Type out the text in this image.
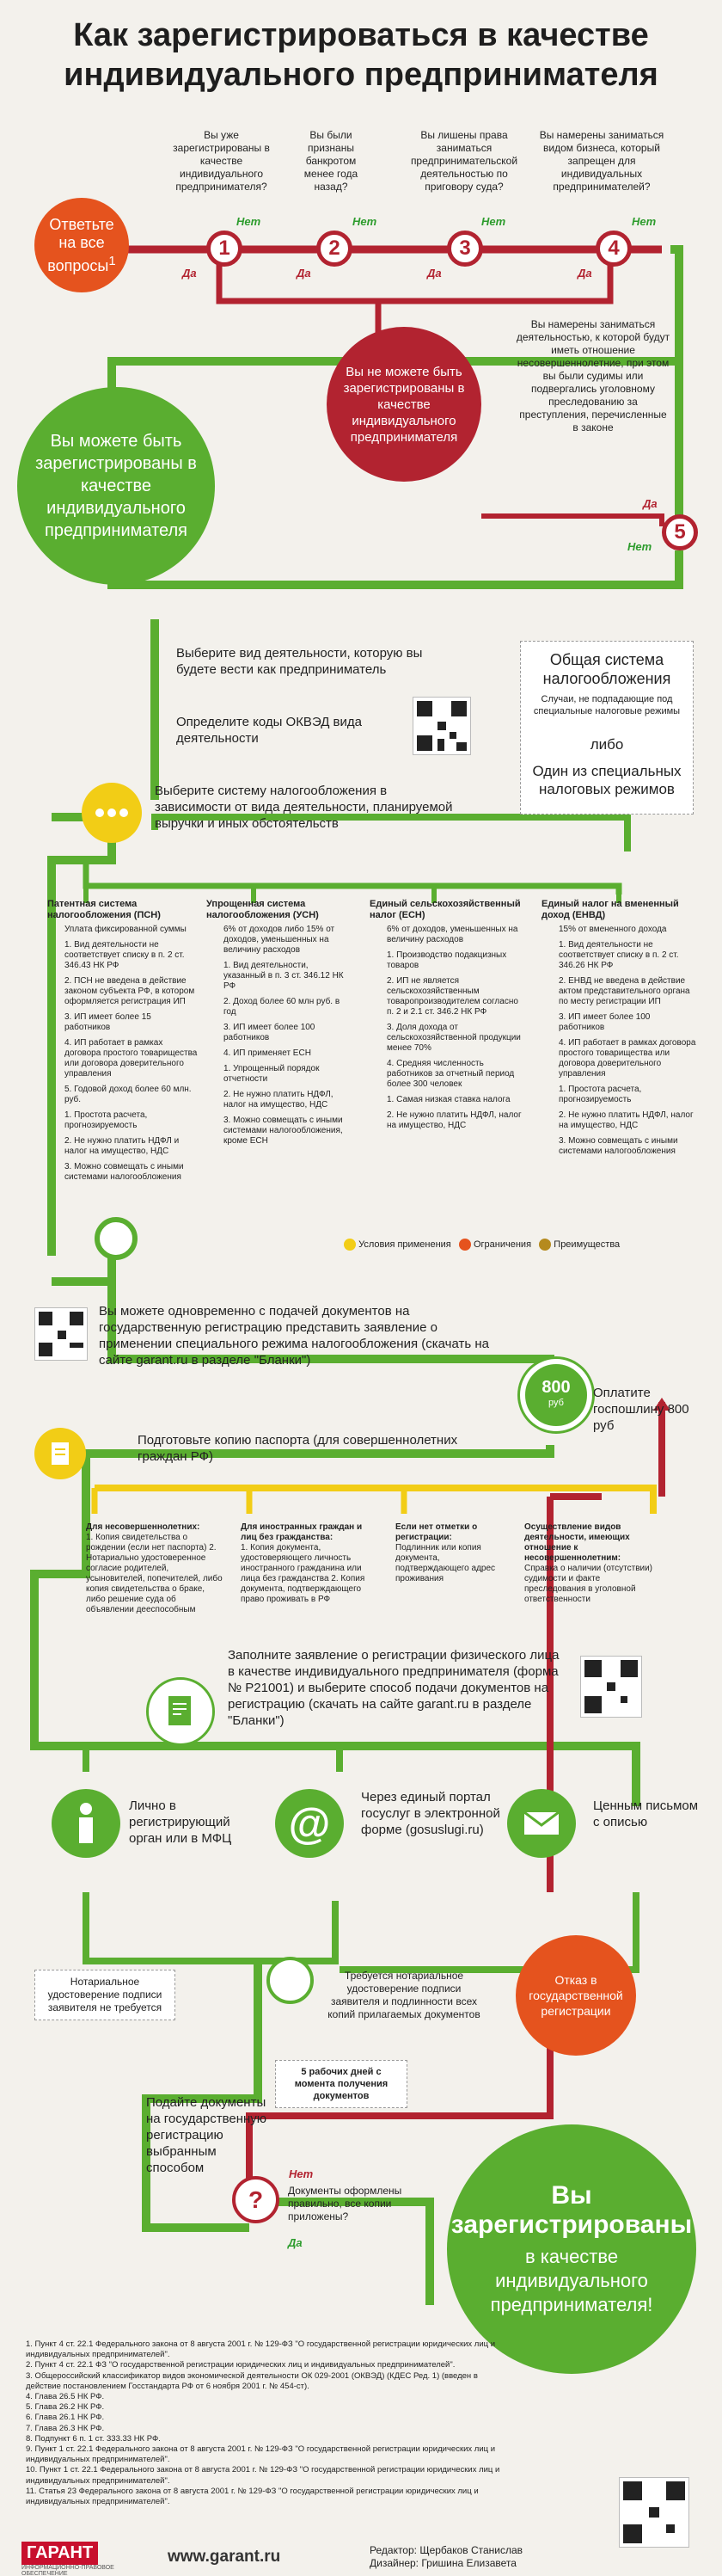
Как зарегистрироваться в качестве индивидуального предпринимателя
Ответьте на все вопросы$^1$
Вы уже зарегистрированы в качестве индивидуального предпринимателя?
Вы были признаны банкротом менее года назад?
Вы лишены права заниматься предпринимательской деятельностью по приговору суда?
Вы намерены заниматься видом бизнеса, который запрещен для индивидуальных предпринимателей?
1	2	3	4
Нет	Нет	Нет	Нет
Да	Да	Да	Да
Вы не можете быть зарегистрированы в качестве индивидуального предпринимателя
Вы намерены заниматься деятельностью, к которой будут иметь отношение несовершеннолетние, при этом вы были судимы или подвергались уголовному преследованию за преступления, перечисленные в законе
5
Да
Нет
Вы можете быть зарегистрированы в качестве индивидуального предпринимателя
Выберите вид деятельности, которую вы будете вести как предприниматель
Определите коды ОКВЭД вида деятельности
Общая система налогообложения
Случаи, не подпадающие под специальные налоговые режимы
либо
Один из специальных налоговых режимов
Выберите систему налогообложения в зависимости от вида деятельности, планируемой выручки и иных обстоятельств
Патентная система налогообложения (ПСН)
Уплата фиксированной суммы
1. Вид деятельности не соответствует списку в п. 2 ст. 346.43 НК РФ
2. ПСН не введена в действие законом субъекта РФ, в котором оформляется регистрация ИП
3. ИП имеет более 15 работников
4. ИП работает в рамках договора простого товарищества или договора доверительного управления
5. Годовой доход более 60 млн. руб.
1. Простота расчета, прогнозируемость
2. Не нужно платить НДФЛ и налог на имущество, НДС
3. Можно совмещать с иными системами налогообложения
Упрощенная система налогообложения (УСН)
6% от доходов либо 15% от доходов, уменьшенных на величину расходов
1. Вид деятельности, указанный в п. 3 ст. 346.12 НК РФ
2. Доход более 60 млн руб. в год
3. ИП имеет более 100 работников
4. ИП применяет ЕСН
1. Упрощенный порядок отчетности
2. Не нужно платить НДФЛ, налог на имущество, НДС
3. Можно совмещать с иными системами налогообложения, кроме ЕСН
Единый сельскохозяйственный налог (ЕСН)
6% от доходов, уменьшенных на величину расходов
1. Производство подакцизных товаров
2. ИП не является сельскохозяйственным товаропроизводителем согласно п. 2 и 2.1 ст. 346.2 НК РФ
3. Доля дохода от сельскохозяйственной продукции менее 70%
4. Средняя численность работников за отчетный период более 300 человек
1. Самая низкая ставка налога
2. Не нужно платить НДФЛ, налог на имущество, НДС
Единый налог на вмененный доход (ЕНВД)
15% от вмененного дохода
1. Вид деятельности не соответствует списку в п. 2 ст. 346.26 НК РФ
2. ЕНВД не введена в действие актом представительного органа по месту регистрации ИП
3. ИП имеет более 100 работников
4. ИП работает в рамках договора простого товарищества или договора доверительного управления
1. Простота расчета, прогнозируемость
2. Не нужно платить НДФЛ, налог на имущество, НДС
3. Можно совмещать с иными системами налогообложения
Условия применения Ограничения Преимущества
Вы можете одновременно с подачей документов на государственную регистрацию представить заявление о применении специального режима налогообложения (скачать на сайте garant.ru в разделе "Бланки")
800
руб
Оплатите госпошлину 800 руб
Подготовьте копию паспорта (для совершеннолетних граждан РФ)
Для несовершеннолетних:
1. Копия свидетельства о рождении (если нет паспорта) 2. Нотариально удостоверенное согласие родителей, усыновителей, попечителей, либо копия свидетельства о браке, либо решение суда об объявлении дееспособным
Для иностранных граждан и лиц без гражданства:
1. Копия документа, удостоверяющего личность иностранного гражданина или лица без гражданства 2. Копия документа, подтверждающего право проживать в РФ
Если нет отметки о регистрации:
Подлинник или копия документа, подтверждающего адрес проживания
Осуществление видов деятельности, имеющих отношение к несовершеннолетним:
Справка о наличии (отсутствии) судимости и факте преследования в уголовной ответственности
Заполните заявление о регистрации физического лица в качестве индивидуального предпринимателя (форма № Р21001) и выберите способ подачи документов на регистрацию (скачать на сайте garant.ru в разделе "Бланки")
Лично в регистрирующий орган или в МФЦ	@
Через единый портал госуслуг в электронной форме (gosuslugi.ru)
Ценным письмом с описью
Нотариальное удостоверение подписи заявителя не требуется
Требуется нотариальное удостоверение подписи заявителя и подлинности всех копий прилагаемых документов
Подайте документы на государственную регистрацию выбранным способом
5 рабочих дней с момента получения документов
Отказ в государственной регистрации
?
Нет
Документы оформлены правильно, все копии приложены?
Да
Вы зарегистрированы
в качестве индивидуального предпринимателя!

1. Пункт 4 ст. 22.1 Федерального закона от 8 августа 2001 г. № 129-ФЗ "О государственной регистрации юридических лиц и индивидуальных предпринимателей".

2. Пункт 4 ст. 22.1 ФЗ "О государственной регистрации юридических лиц и индивидуальных предпринимателей".

3. Общероссийский классификатор видов экономической деятельности ОК 029-2001 (ОКВЭД) (КДЕС Ред. 1) (введен в действие постановлением Госстандарта РФ от 6 ноября 2001 г. № 454-ст).

4. Глава 26.5 НК РФ.

5. Глава 26.2 НК РФ.

6. Глава 26.1 НК РФ.

7. Глава 26.3 НК РФ.

8. Подпункт 6 п. 1 ст. 333.33 НК РФ.

9. Пункт 1 ст. 22.1 Федерального закона от 8 августа 2001 г. № 129-ФЗ "О государственной регистрации юридических лиц и индивидуальных предпринимателей".

10. Пункт 1 ст. 22.1 Федерального закона от 8 августа 2001 г. № 129-ФЗ "О государственной регистрации юридических лиц и индивидуальных предпринимателей".

11. Статья 23 Федерального закона от 8 августа 2001 г. № 129-ФЗ "О государственной регистрации юридических лиц и индивидуальных предпринимателей".

ГАРАНТ
ИНФОРМАЦИОННО-ПРАВОВОЕ ОБЕСПЕЧЕНИЕ
www.garant.ru	Редактор: Щербаков Станислав
Дизайнер: Гришина Елизавета
